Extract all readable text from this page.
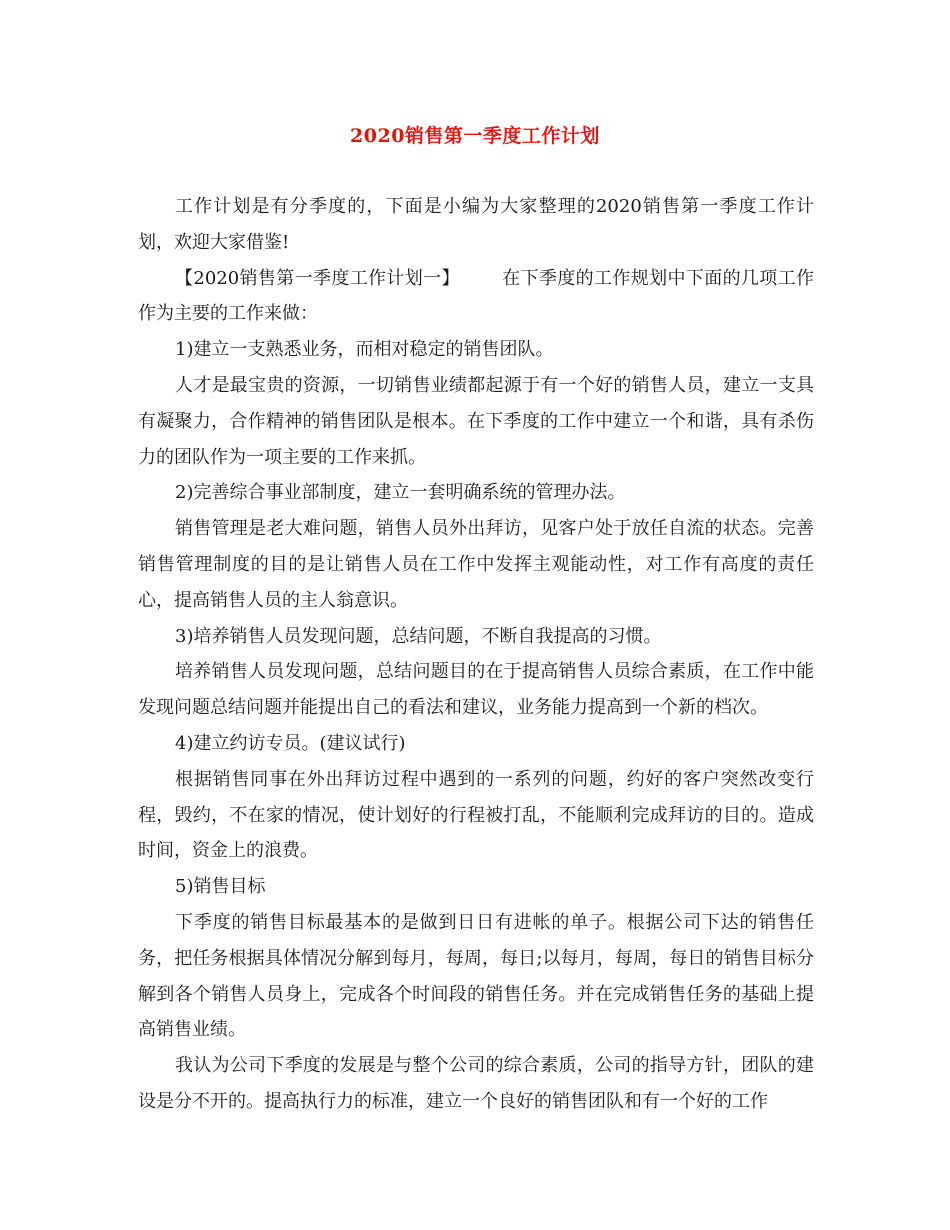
2020销售第一季度工作计划

工作计划是有分季度的，下面是小编为大家整理的2020销售第一季度工作计划，欢迎大家借鉴!

【2020销售第一季度工作计划一】 在下季度的工作规划中下面的几项工作作为主要的工作来做：

1)建立一支熟悉业务，而相对稳定的销售团队。

人才是最宝贵的资源，一切销售业绩都起源于有一个好的销售人员，建立一支具有凝聚力，合作精神的销售团队是根本。在下季度的工作中建立一个和谐，具有杀伤力的团队作为一项主要的工作来抓。

2)完善综合事业部制度，建立一套明确系统的管理办法。

销售管理是老大难问题，销售人员外出拜访，见客户处于放任自流的状态。完善销售管理制度的目的是让销售人员在工作中发挥主观能动性，对工作有高度的责任心，提高销售人员的主人翁意识。

3)培养销售人员发现问题，总结问题，不断自我提高的习惯。

培养销售人员发现问题，总结问题目的在于提高销售人员综合素质，在工作中能发现问题总结问题并能提出自己的看法和建议，业务能力提高到一个新的档次。

4)建立约访专员。(建议试行)

根据销售同事在外出拜访过程中遇到的一系列的问题，约好的客户突然改变行程，毁约，不在家的情况，使计划好的行程被打乱，不能顺利完成拜访的目的。造成时间，资金上的浪费。

5)销售目标

下季度的销售目标最基本的是做到日日有进帐的单子。根据公司下达的销售任务，把任务根据具体情况分解到每月，每周，每日;以每月，每周，每日的销售目标分解到各个销售人员身上，完成各个时间段的销售任务。并在完成销售任务的基础上提高销售业绩。

我认为公司下季度的发展是与整个公司的综合素质，公司的指导方针，团队的建设是分不开的。提高执行力的标准，建立一个良好的销售团队和有一个好的工作
